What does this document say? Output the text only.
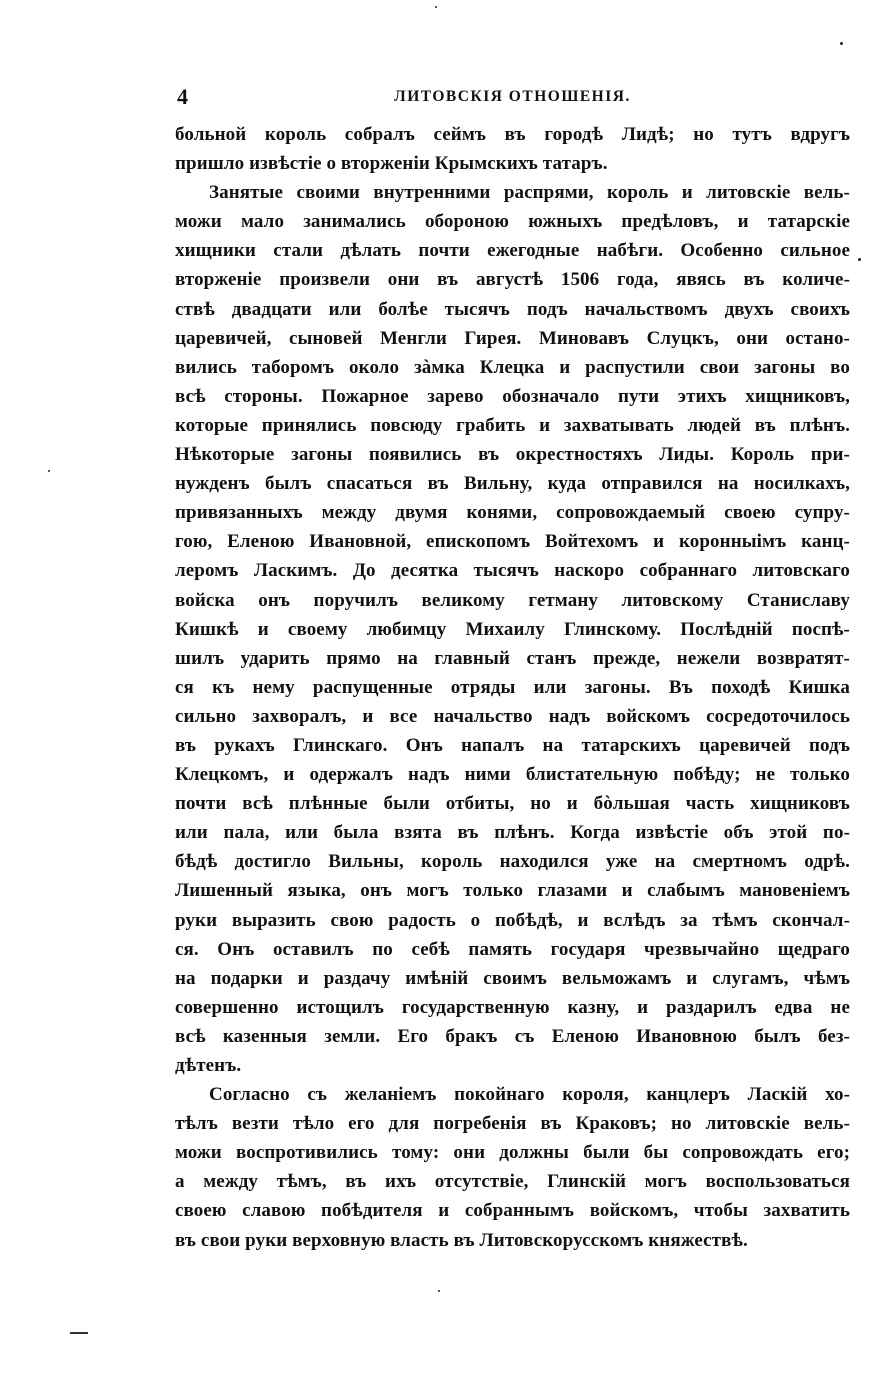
4	ЛИТОВСКІЯ ОТНОШЕНІЯ.
больной король собралъ сеймъ въ городѣ Лидѣ; но тутъ вдругъ
пришло извѣстіе о вторженіи Крымскихъ татаръ.
Занятые своими внутренними распрями, король и литовскіе вель-
можи мало занимались обороною южныхъ предѣловъ, и татарскіе
хищники стали дѣлать почти ежегодные набѣги. Особенно сильное
вторженіе произвели они въ августѣ 1506 года, явясь въ количе-
ствѣ двадцати или болѣе тысячъ подъ начальствомъ двухъ своихъ
царевичей, сыновей Менгли Гирея. Миновавъ Слуцкъ, они остано-
вились таборомъ около зàмка Клецка и распустили свои загоны во
всѣ стороны. Пожарное зарево обозначало пути этихъ хищниковъ,
которые принялись повсюду грабить и захватывать людей въ плѣнъ.
Нѣкоторые загоны появились въ окрестностяхъ Лиды. Король при-
нужденъ былъ спасаться въ Вильну, куда отправился на носилкахъ,
привязанныхъ между двумя конями, сопровождаемый своею супру-
гою, Еленою Ивановной, епископомъ Войтехомъ и коронныімъ канц-
леромъ Ласкимъ. До десятка тысячъ наскоро собраннаго литовскаго
войска онъ поручилъ великому гетману литовскому Станиславу
Кишкѣ и своему любимцу Михаилу Глинскому. Послѣдній поспѣ-
шилъ ударить прямо на главный станъ прежде, нежели возвратят-
ся къ нему распущенные отряды или загоны. Въ походѣ Кишка
сильно захворалъ, и все начальство надъ войскомъ сосредоточилось
въ рукахъ Глинскаго. Онъ напалъ на татарскихъ царевичей подъ
Клецкомъ, и одержалъ надъ ними блистательную побѣду; не только
почти всѣ плѣнные были отбиты, но и бòльшая часть хищниковъ
или пала, или была взята въ плѣнъ. Когда извѣстіе объ этой по-
бѣдѣ достигло Вильны, король находился уже на смертномъ одрѣ.
Лишенный языка, онъ могъ только глазами и слабымъ мановеніемъ
руки выразить свою радость о побѣдѣ, и вслѣдъ за тѣмъ скончал-
ся. Онъ оставилъ по себѣ память государя чрезвычайно щедраго
на подарки и раздачу имѣній своимъ вельможамъ и слугамъ, чѣмъ
совершенно истощилъ государственную казну, и раздарилъ едва не
всѣ казенныя земли. Его бракъ съ Еленою Ивановною былъ без-
дѣтенъ.
Согласно съ желаніемъ покойнаго короля, канцлеръ Ласкій хо-
тѣлъ везти тѣло его для погребенія въ Краковъ; но литовскіе вель-
можи воспротивились тому: они должны были бы сопровождать его;
а между тѣмъ, въ ихъ отсутствіе, Глинскій могъ воспользоваться
своею славою побѣдителя и собраннымъ войскомъ, чтобы захватить
въ свои руки верховную власть въ Литовскорусскомъ княжествѣ.
